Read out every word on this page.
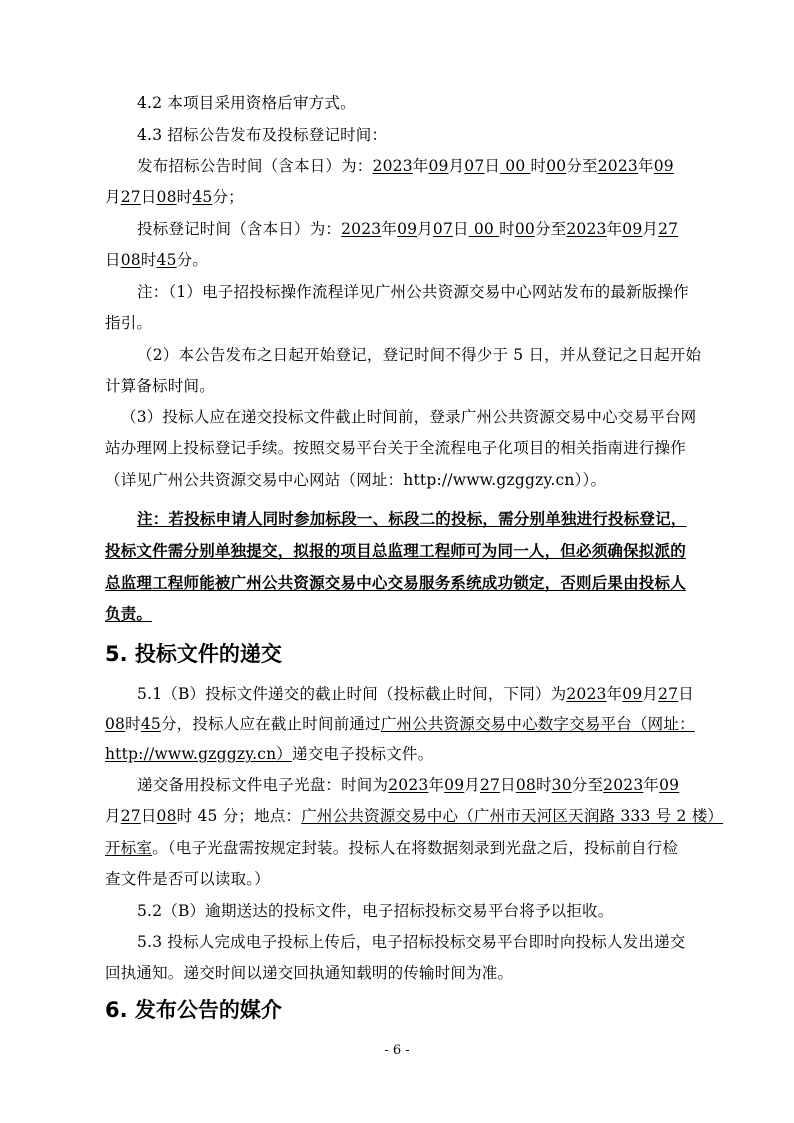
4.2 本项目采用资格后审方式。
4.3 招标公告发布及投标登记时间：
发布招标公告时间（含本日）为：2023年09月07日 00 时00分至2023年09
月27日08时45分；
投标登记时间（含本日）为：2023年09月07日 00 时00分至2023年09月27
日08时45分。
注：（1）电子招投标操作流程详见广州公共资源交易中心网站发布的最新版操作
指引。
（2）本公告发布之日起开始登记，登记时间不得少于 5 日，并从登记之日起开始
计算备标时间。
（3）投标人应在递交投标文件截止时间前，登录广州公共资源交易中心交易平台网
站办理网上投标登记手续。按照交易平台关于全流程电子化项目的相关指南进行操作
（详见广州公共资源交易中心网站（网址：http://www.gzggzy.cn））。
注：若投标申请人同时参加标段一、标段二的投标，需分别单独进行投标登记，
投标文件需分别单独提交，拟报的项目总监理工程师可为同一人，但必须确保拟派的
总监理工程师能被广州公共资源交易中心交易服务系统成功锁定，否则后果由投标人
负责。
5. 投标文件的递交
5.1（B）投标文件递交的截止时间（投标截止时间，下同）为2023年09月27日
08时45分，投标人应在截止时间前通过广州公共资源交易中心数字交易平台（网址：
http://www.gzggzy.cn）递交电子投标文件。
递交备用投标文件电子光盘：时间为2023年09月27日08时30分至2023年09
月27日08时 45 分；地点：广州公共资源交易中心（广州市天河区天润路 333 号 2 楼）
开标室。（电子光盘需按规定封装。投标人在将数据刻录到光盘之后，投标前自行检
查文件是否可以读取。）
5.2（B）逾期送达的投标文件，电子招标投标交易平台将予以拒收。
5.3 投标人完成电子投标上传后，电子招标投标交易平台即时向投标人发出递交
回执通知。递交时间以递交回执通知载明的传输时间为准。
6. 发布公告的媒介
- 6 -
